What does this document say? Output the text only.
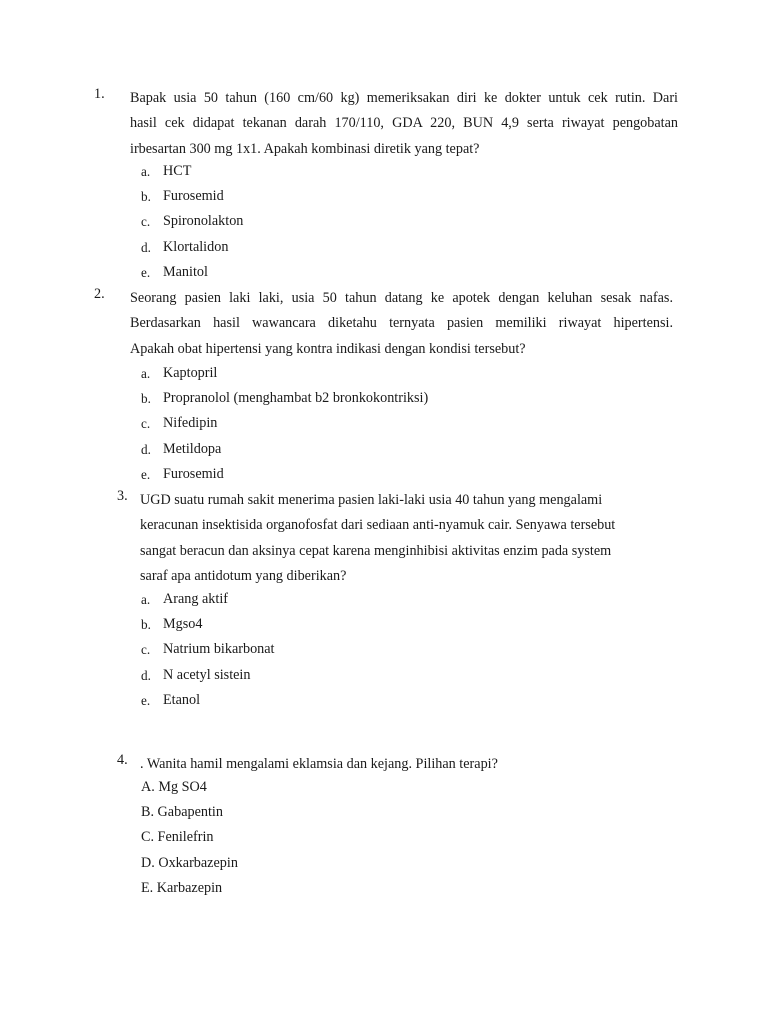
1. Bapak usia 50 tahun (160 cm/60 kg) memeriksakan diri ke dokter untuk cek rutin. Dari
hasil cek didapat tekanan darah 170/110, GDA 220, BUN 4,9 serta riwayat pengobatan
irbesartan 300 mg 1x1. Apakah kombinasi diretik yang tepat?
a. HCT
b. Furosemid
c. Spironolakton
d. Klortalidon
e. Manitol
2. Seorang pasien laki laki, usia 50 tahun datang ke apotek dengan keluhan sesak nafas.
Berdasarkan hasil wawancara diketahu ternyata pasien memiliki riwayat hipertensi.
Apakah obat hipertensi yang kontra indikasi dengan kondisi tersebut?
a. Kaptopril
b. Propranolol (menghambat b2 bronkokontriksi)
c. Nifedipin
d. Metildopa
e. Furosemid
3. UGD suatu rumah sakit menerima pasien laki-laki usia 40 tahun yang mengalami
keracunan insektisida organofosfat dari sediaan anti-nyamuk cair. Senyawa tersebut
sangat beracun dan aksinya cepat karena menginhibisi aktivitas enzim pada system
saraf apa antidotum yang diberikan?
a. Arang aktif
b. Mgso4
c. Natrium bikarbonat
d. N acetyl sistein
e. Etanol
4. . Wanita hamil mengalami eklamsia dan kejang. Pilihan terapi?
A. Mg SO4
B. Gabapentin
C. Fenilefrin
D. Oxkarbazepin
E. Karbazepin
